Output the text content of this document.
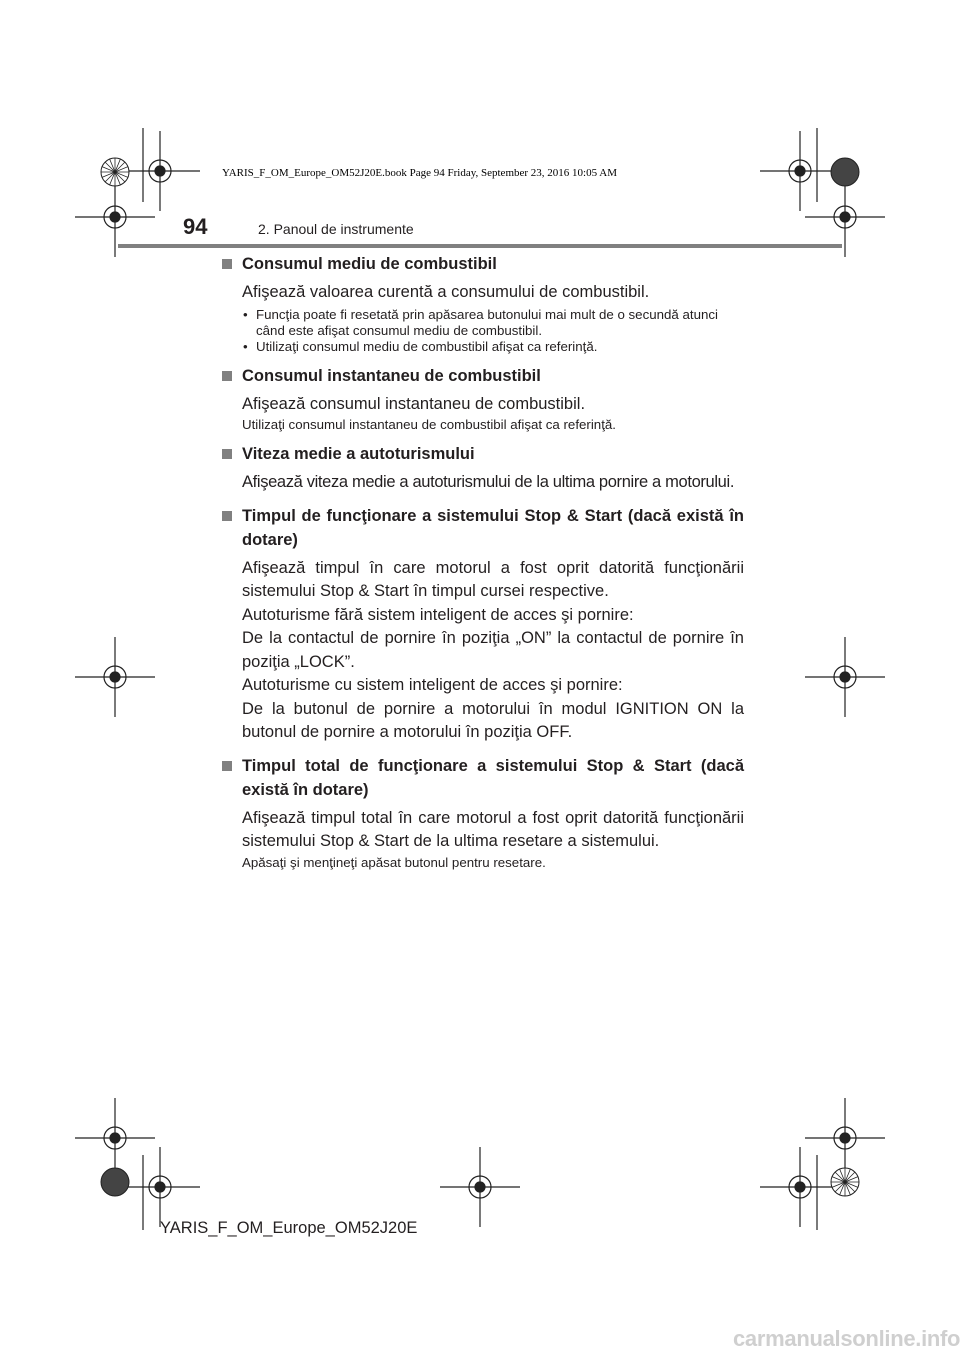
YARIS_F_OM_Europe_OM52J20E.book Page 94 Friday, September 23, 2016 10:05 AM
94	2. Panoul de instrumente
Consumul mediu de combustibil
Afişează valoarea curentă a consumului de combustibil.
• Funcţia poate fi resetată prin apăsarea butonului mai mult de o secundă atunci când este afişat consumul mediu de combustibil.
• Utilizaţi consumul mediu de combustibil afişat ca referinţă.
Consumul instantaneu de combustibil
Afişează consumul instantaneu de combustibil.
Utilizaţi consumul instantaneu de combustibil afişat ca referinţă.
Viteza medie a autoturismului
Afişează viteza medie a autoturismului de la ultima pornire a motorului.
Timpul de funcţionare a sistemului Stop & Start (dacă există în dotare)
Afişează timpul în care motorul a fost oprit datorită funcţionării sistemului Stop & Start în timpul cursei respective.
Autoturisme fără sistem inteligent de acces şi pornire:
De la contactul de pornire în poziţia „ON” la contactul de pornire în poziţia „LOCK”.
Autoturisme cu sistem inteligent de acces şi pornire:
De la butonul de pornire a motorului în modul IGNITION ON la butonul de pornire a motorului în poziţia OFF.
Timpul total de funcţionare a sistemului Stop & Start (dacă există în dotare)
Afişează timpul total în care motorul a fost oprit datorită funcţionării sistemului Stop & Start de la ultima resetare a sistemului.
Apăsaţi şi menţineţi apăsat butonul pentru resetare.
YARIS_F_OM_Europe_OM52J20E
carmanualsonline.info
